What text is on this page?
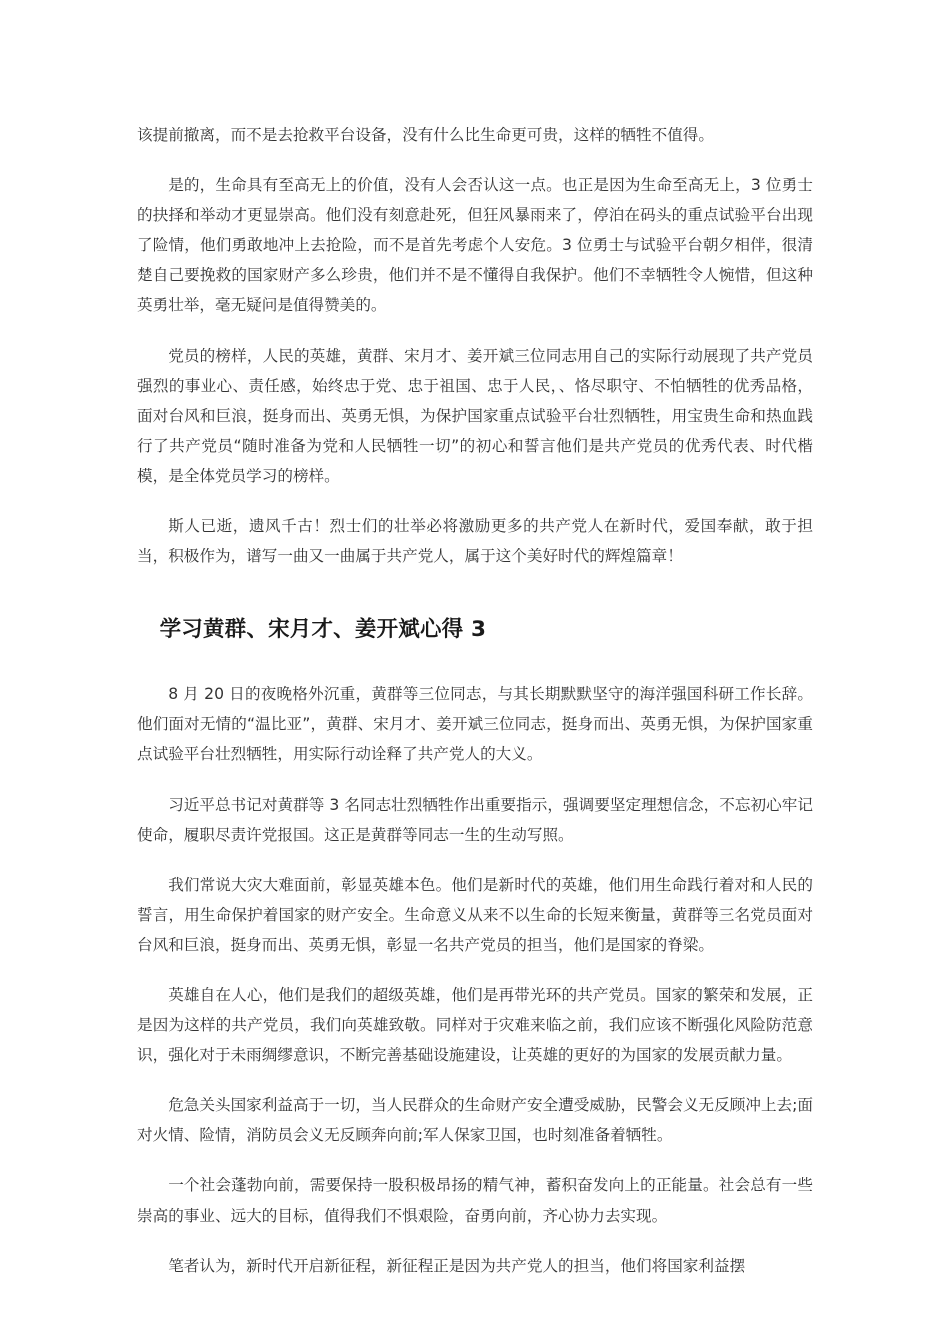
该提前撤离，而不是去抢救平台设备，没有什么比生命更可贵，这样的牺牲不值得。

是的，生命具有至高无上的价值，没有人会否认这一点。也正是因为生命至高无上，3 位勇士的抉择和举动才更显崇高。他们没有刻意赴死，但狂风暴雨来了，停泊在码头的重点试验平台出现了险情，他们勇敢地冲上去抢险，而不是首先考虑个人安危。3 位勇士与试验平台朝夕相伴，很清楚自己要挽救的国家财产多么珍贵，他们并不是不懂得自我保护。他们不幸牺牲令人惋惜，但这种英勇壮举，毫无疑问是值得赞美的。

党员的榜样，人民的英雄，黄群、宋月才、姜开斌三位同志用自己的实际行动展现了共产党员强烈的事业心、责任感，始终忠于党、忠于祖国、忠于人民，、恪尽职守、不怕牺牲的优秀品格，面对台风和巨浪，挺身而出、英勇无惧，为保护国家重点试验平台壮烈牺牲，用宝贵生命和热血践行了共产党员“随时准备为党和人民牺牲一切”的初心和誓言他们是共产党员的优秀代表、时代楷模，是全体党员学习的榜样。

斯人已逝，遗风千古！烈士们的壮举必将激励更多的共产党人在新时代，爱国奉献，敢于担当，积极作为，谱写一曲又一曲属于共产党人，属于这个美好时代的辉煌篇章！

学习黄群、宋月才、姜开斌心得 3

8 月 20 日的夜晚格外沉重，黄群等三位同志，与其长期默默坚守的海洋强国科研工作长辞。他们面对无情的“温比亚”，黄群、宋月才、姜开斌三位同志，挺身而出、英勇无惧，为保护国家重点试验平台壮烈牺牲，用实际行动诠释了共产党人的大义。

习近平总书记对黄群等 3 名同志壮烈牺牲作出重要指示，强调要坚定理想信念，不忘初心牢记使命，履职尽责许党报国。这正是黄群等同志一生的生动写照。

我们常说大灾大难面前，彰显英雄本色。他们是新时代的英雄，他们用生命践行着对和人民的誓言，用生命保护着国家的财产安全。生命意义从来不以生命的长短来衡量，黄群等三名党员面对台风和巨浪，挺身而出、英勇无惧，彰显一名共产党员的担当，他们是国家的脊梁。

英雄自在人心，他们是我们的超级英雄，他们是再带光环的共产党员。国家的繁荣和发展，正是因为这样的共产党员，我们向英雄致敬。同样对于灾难来临之前，我们应该不断强化风险防范意识，强化对于未雨绸缪意识，不断完善基础设施建设，让英雄的更好的为国家的发展贡献力量。

危急关头国家利益高于一切，当人民群众的生命财产安全遭受威胁，民警会义无反顾冲上去;面对火情、险情，消防员会义无反顾奔向前;军人保家卫国，也时刻准备着牺牲。

一个社会蓬勃向前，需要保持一股积极昂扬的精气神，蓄积奋发向上的正能量。社会总有一些崇高的事业、远大的目标，值得我们不惧艰险，奋勇向前，齐心协力去实现。

笔者认为，新时代开启新征程，新征程正是因为共产党人的担当，他们将国家利益摆
